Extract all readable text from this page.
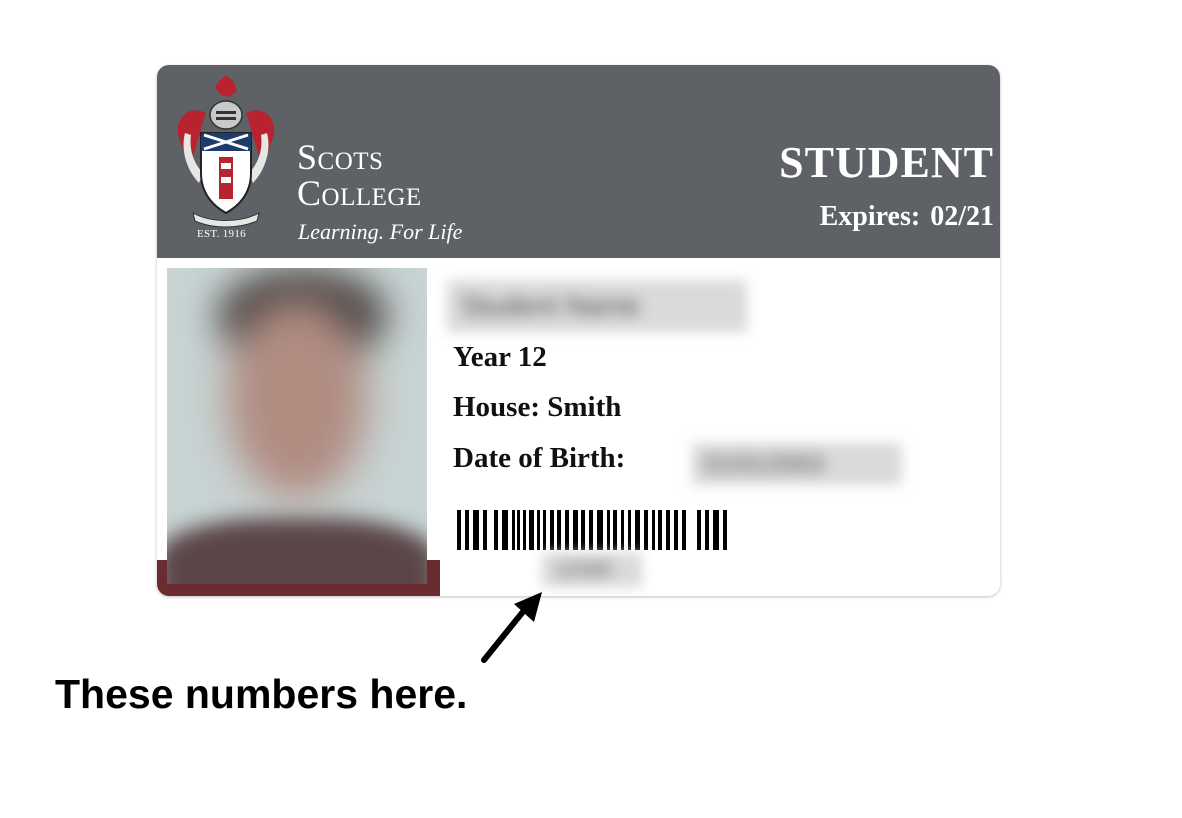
EST. 1916
Scots
College
Learning. For Life
STUDENT
Expires: 02/21
Student Name
Year 12
House: Smith
Date of Birth:	01/01/2003
12345
These numbers here.
